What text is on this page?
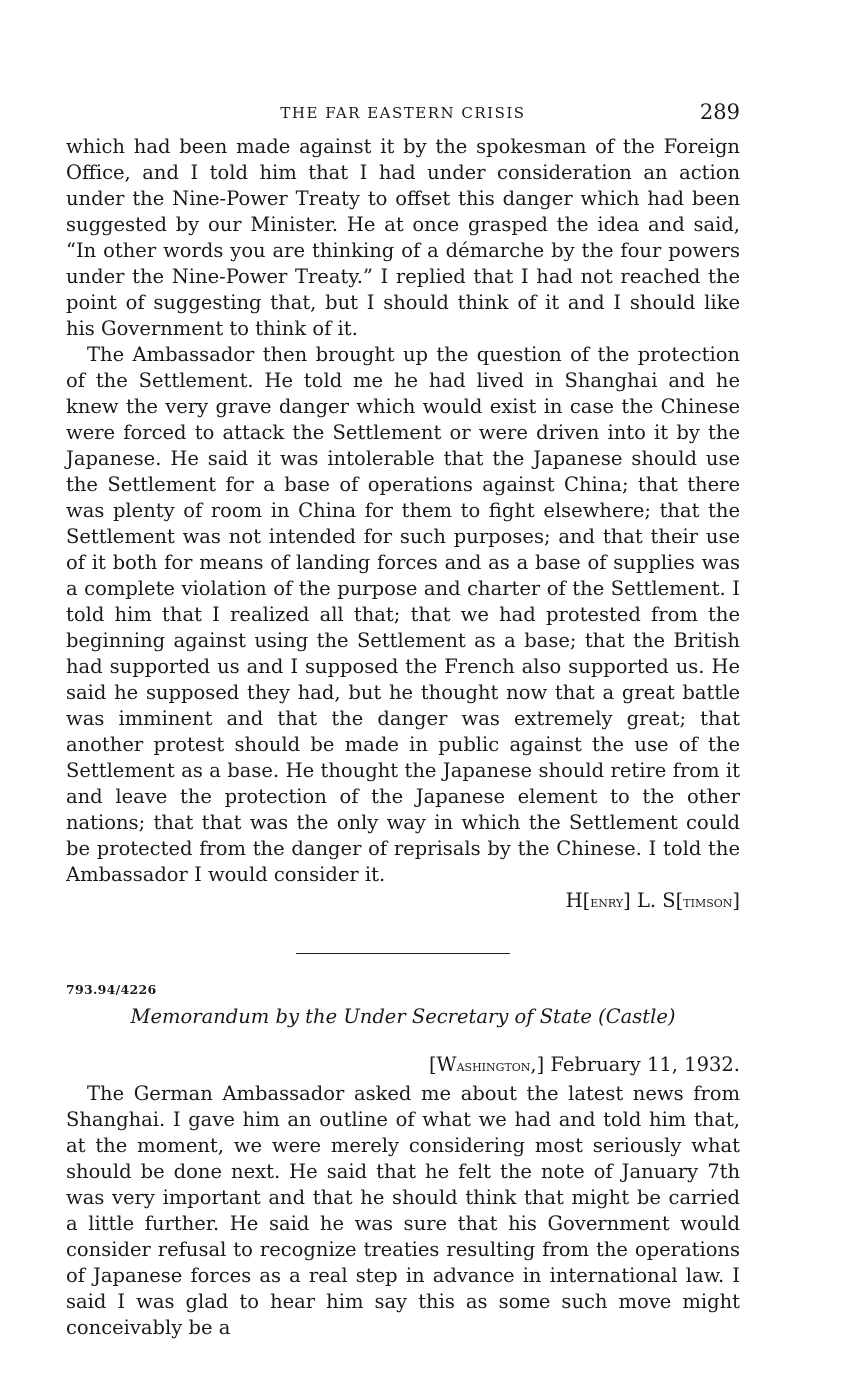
THE FAR EASTERN CRISIS	289

which had been made against it by the spokesman of the Foreign Office, and I told him that I had under consideration an action under the Nine-Power Treaty to offset this danger which had been suggested by our Minister. He at once grasped the idea and said, “In other words you are thinking of a démarche by the four powers under the Nine-Power Treaty.” I replied that I had not reached the point of suggesting that, but I should think of it and I should like his Government to think of it.

The Ambassador then brought up the question of the protection of the Settlement. He told me he had lived in Shanghai and he knew the very grave danger which would exist in case the Chinese were forced to attack the Settlement or were driven into it by the Japanese. He said it was intolerable that the Japanese should use the Settlement for a base of operations against China; that there was plenty of room in China for them to fight elsewhere; that the Settlement was not intended for such purposes; and that their use of it both for means of landing forces and as a base of supplies was a complete violation of the purpose and charter of the Settlement. I told him that I realized all that; that we had protested from the beginning against using the Settlement as a base; that the British had supported us and I supposed the French also supported us. He said he supposed they had, but he thought now that a great battle was imminent and that the danger was extremely great; that another protest should be made in public against the use of the Settlement as a base. He thought the Japanese should retire from it and leave the protection of the Japanese element to the other nations; that that was the only way in which the Settlement could be protected from the danger of reprisals by the Chinese. I told the Ambassador I would consider it.

H[enry] L. S[timson]

793.94/4226

Memorandum by the Under Secretary of State (Castle)

[Washington,] February 11, 1932.

The German Ambassador asked me about the latest news from Shanghai. I gave him an outline of what we had and told him that, at the moment, we were merely considering most seriously what should be done next. He said that he felt the note of January 7th was very important and that he should think that might be carried a little further. He said he was sure that his Government would consider refusal to recognize treaties resulting from the operations of Japanese forces as a real step in advance in international law. I said I was glad to hear him say this as some such move might conceivably be a
